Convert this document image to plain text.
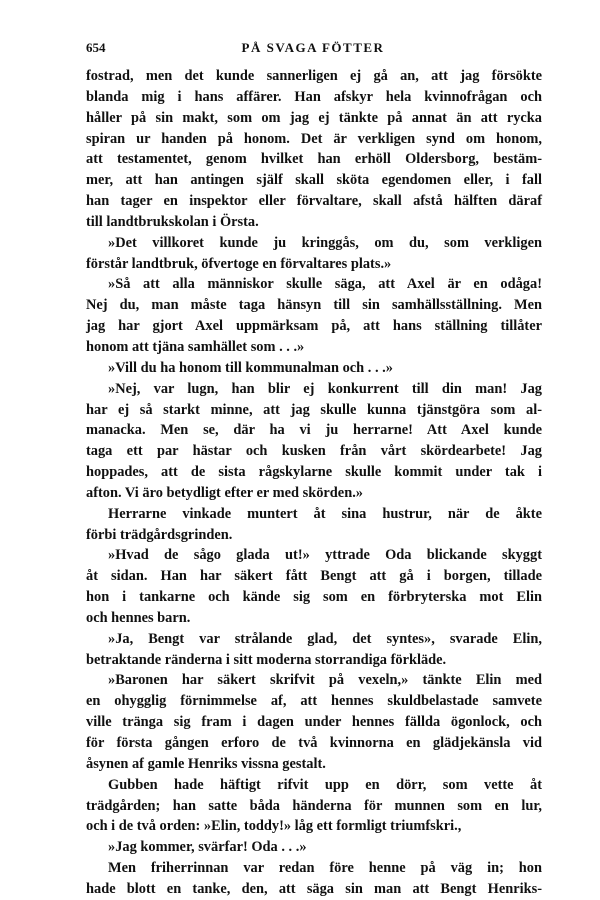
654	PÅ SVAGA FÖTTER
fostrad, men det kunde sannerligen ej gå an, att jag försökte
blanda mig i hans affärer. Han afskyr hela kvinnofrågan och
håller på sin makt, som om jag ej tänkte på annat än att rycka
spiran ur handen på honom. Det är verkligen synd om honom,
att testamentet, genom hvilket han erhöll Oldersborg, bestäm-
mer, att han antingen själf skall sköta egendomen eller, i fall
han tager en inspektor eller förvaltare, skall afstå hälften däraf
till landtbrukskolan i Örsta.
»Det villkoret kunde ju kringgås, om du, som verkligen
förstår landtbruk, öfvertoge en förvaltares plats.»
»Så att alla människor skulle säga, att Axel är en odåga!
Nej du, man måste taga hänsyn till sin samhällsställning. Men
jag har gjort Axel uppmärksam på, att hans ställning tillåter
honom att tjäna samhället som . . .»
»Vill du ha honom till kommunalman och . . .»
»Nej, var lugn, han blir ej konkurrent till din man! Jag
har ej så starkt minne, att jag skulle kunna tjänstgöra som al-
manacka. Men se, där ha vi ju herrarne! Att Axel kunde
taga ett par hästar och kusken från vårt skördearbete! Jag
hoppades, att de sista rågskylarne skulle kommit under tak i
afton. Vi äro betydligt efter er med skörden.»
Herrarne vinkade muntert åt sina hustrur, när de åkte
förbi trädgårdsgrinden.
»Hvad de sågo glada ut!» yttrade Oda blickande skyggt
åt sidan. Han har säkert fått Bengt att gå i borgen, tillade
hon i tankarne och kände sig som en förbryterska mot Elin
och hennes barn.
»Ja, Bengt var strålande glad, det syntes», svarade Elin,
betraktande ränderna i sitt moderna storrandiga förkläde.
»Baronen har säkert skrifvit på vexeln,» tänkte Elin med
en ohygglig förnimmelse af, att hennes skuldbelastade samvete
ville tränga sig fram i dagen under hennes fällda ögonlock, och
för första gången erforo de två kvinnorna en glädjekänsla vid
åsynen af gamle Henriks vissna gestalt.
Gubben hade häftigt rifvit upp en dörr, som vette åt
trädgården; han satte båda händerna för munnen som en lur,
och i de två orden: »Elin, toddy!» låg ett formligt triumfskri.,
»Jag kommer, svärfar! Oda . . .»
Men friherrinnan var redan före henne på väg in; hon
hade blott en tanke, den, att säga sin man att Bengt Henriks-
